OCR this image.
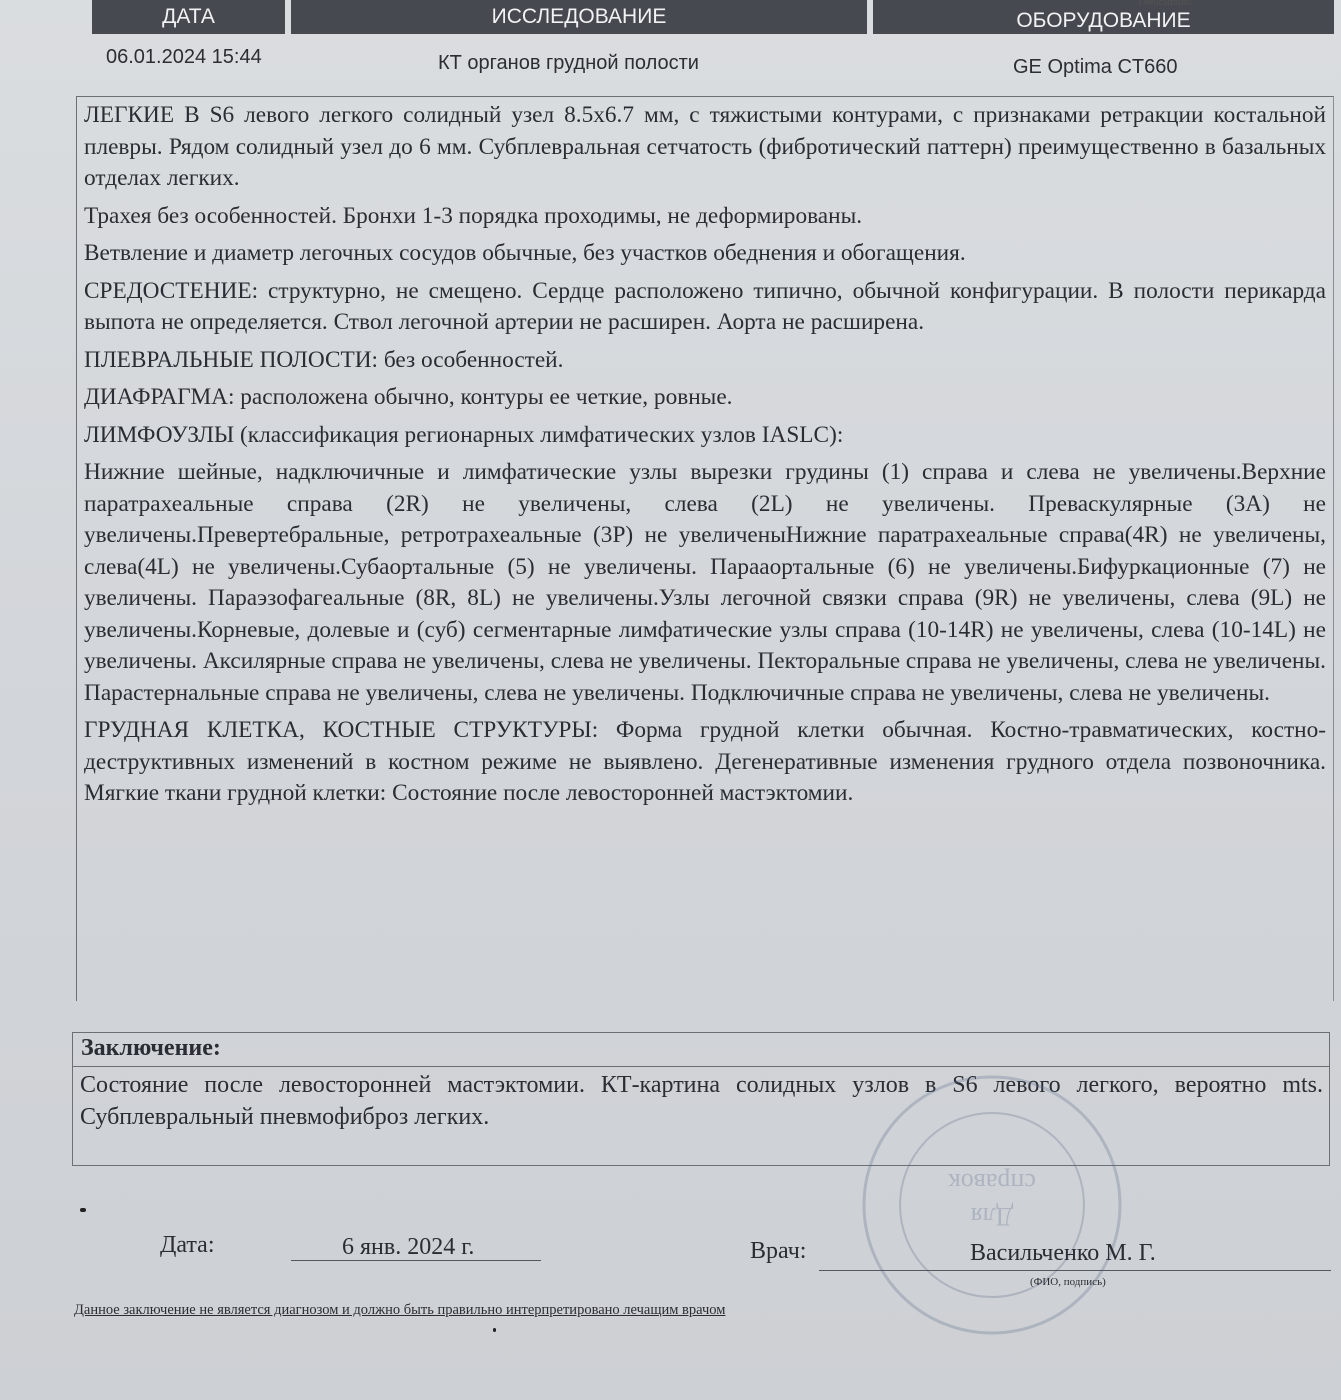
ДАТА	ИССЛЕДОВАНИЕ	ОБОРУДОВАНИЕ
1-RFUCMZ01RU
06.01.2024 15:44	КТ органов грудной полости	GE Optima CT660

ЛЕГКИЕ В S6 левого легкого солидный узел 8.5x6.7 мм, с тяжистыми контурами, с признаками ретракции костальной плевры. Рядом солидный узел до 6 мм. Субплевральная сетчатость (фибротический паттерн) преимущественно в базальных отделах легких.

Трахея без особенностей. Бронхи 1-3 порядка проходимы, не деформированы.

Ветвление и диаметр легочных сосудов обычные, без участков обеднения и обогащения.

СРЕДОСТЕНИЕ: структурно, не смещено. Сердце расположено типично, обычной конфигурации. В полости перикарда выпота не определяется. Ствол легочной артерии не расширен. Аорта не расширена.

ПЛЕВРАЛЬНЫЕ ПОЛОСТИ: без особенностей.

ДИАФРАГМА: расположена обычно, контуры ее четкие, ровные.

ЛИМФОУЗЛЫ (классификация регионарных лимфатических узлов IASLC):

Нижние шейные, надключичные и лимфатические узлы вырезки грудины (1) справа и слева не увеличены.Верхние паратрахеальные справа (2R) не увеличены, слева (2L) не увеличены. Преваскулярные (3A) не увеличены.Превертебральные, ретротрахеальные (3P) не увеличеныНижние паратрахеальные справа(4R) не увеличены, слева(4L) не увеличены.Субаортальные (5) не увеличены. Парааортальные (6) не увеличены.Бифуркационные (7) не увеличены. Параэзофагеальные (8R, 8L) не увеличены.Узлы легочной связки справа (9R) не увеличены, слева (9L) не увеличены.Корневые, долевые и (суб) сегментарные лимфатические узлы справа (10-14R) не увеличены, слева (10-14L) не увеличены. Аксилярные справа не увеличены, слева не увеличены. Пекторальные справа не увеличены, слева не увеличены. Парастернальные справа не увеличены, слева не увеличены. Подключичные справа не увеличены, слева не увеличены.

ГРУДНАЯ КЛЕТКА, КОСТНЫЕ СТРУКТУРЫ: Форма грудной клетки обычная. Костно-травматических, костно-деструктивных изменений в костном режиме не выявлено. Дегенеративные изменения грудного отдела позвоночника. Мягкие ткани грудной клетки: Состояние после левосторонней мастэктомии.

Заключение:
Состояние после левосторонней мастэктомии. КТ-картина солидных узлов в S6 левого легкого, вероятно mts. Субплевральный пневмофиброз легких.
Для
справок
Дата:	6 янв. 2024 г.	Врач:	Васильченко М. Г.
(ФИО, подпись)
Данное заключение не является диагнозом и должно быть правильно интерпретировано лечащим врачом
